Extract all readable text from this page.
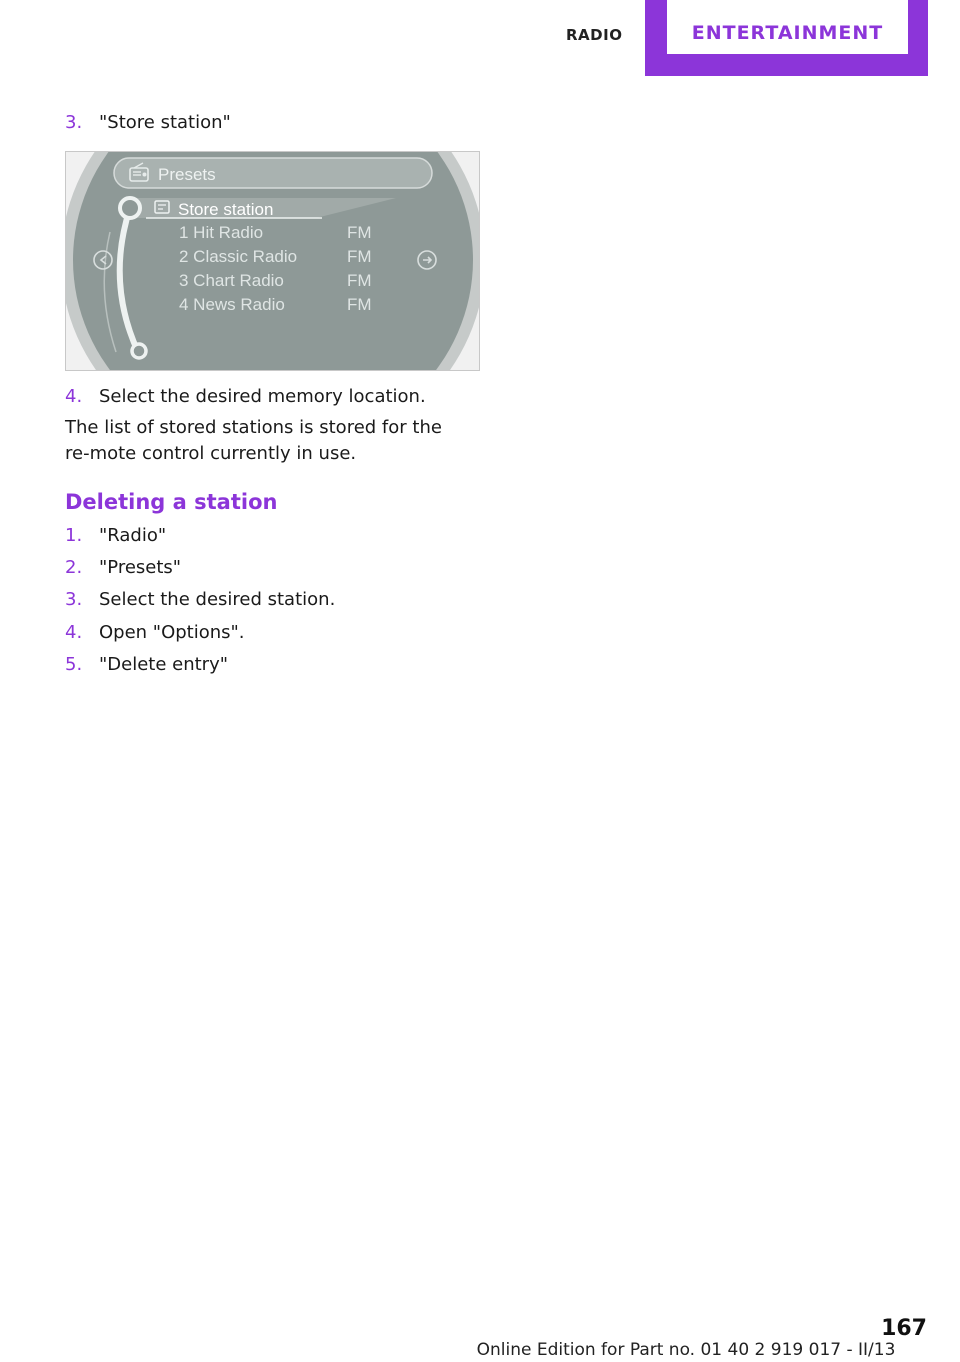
RADIO	ENTERTAINMENT
3. "Store station"
Presets
Store station
1 Hit Radio	FM
2 Classic Radio	FM
3 Chart Radio	FM
4 News Radio	FM
4. Select the desired memory location.
The list of stored stations is stored for the re‐mote control currently in use.
Deleting a station
1. "Radio"
2. "Presets"
3. Select the desired station.
4. Open "Options".
5. "Delete entry"
167
Online Edition for Part no. 01 40 2 919 017 - II/13
